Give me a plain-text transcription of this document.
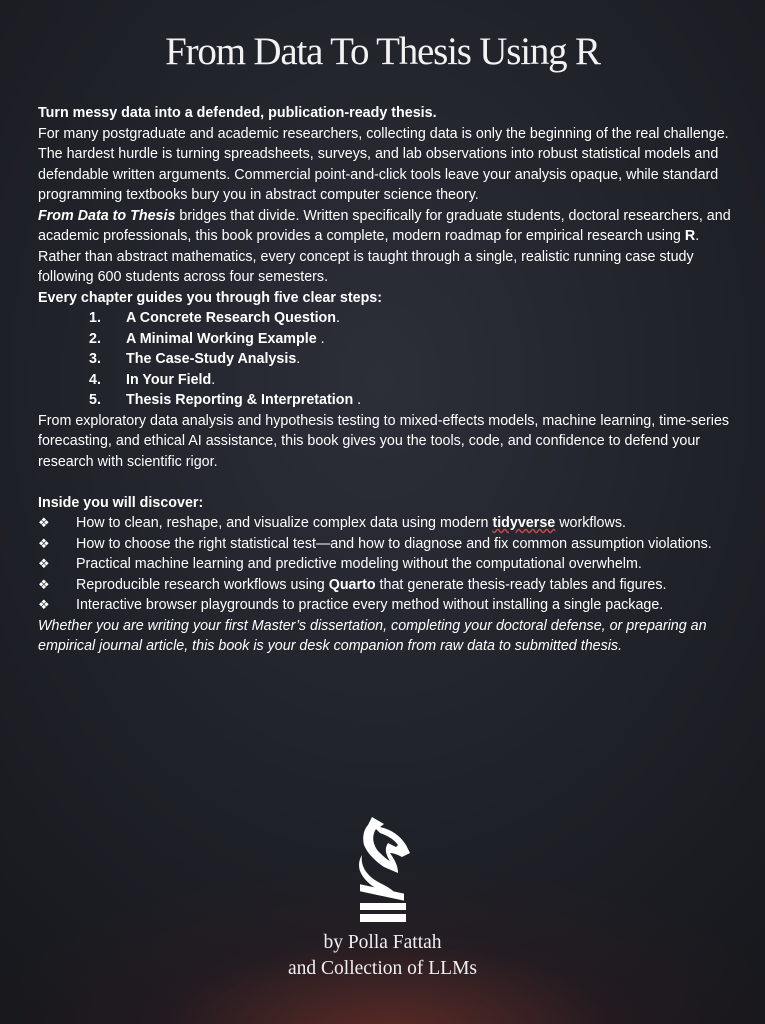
From Data To Thesis Using R

Turn messy data into a defended, publication-ready thesis.

For many postgraduate and academic researchers, collecting data is only the beginning of the real challenge. The hardest hurdle is turning spreadsheets, surveys, and lab observations into robust statistical models and defendable written arguments. Commercial point-and-click tools leave your analysis opaque, while standard programming textbooks bury you in abstract computer science theory.

From Data to Thesis bridges that divide. Written specifically for graduate students, doctoral researchers, and academic professionals, this book provides a complete, modern roadmap for empirical research using R. Rather than abstract mathematics, every concept is taught through a single, realistic running case study following 600 students across four semesters.

Every chapter guides you through five clear steps:

1.	A Concrete Research Question.
2.	A Minimal Working Example .
3.	The Case-Study Analysis.
4.	In Your Field.
5.	Thesis Reporting & Interpretation .

From exploratory data analysis and hypothesis testing to mixed-effects models, machine learning, time-series forecasting, and ethical AI assistance, this book gives you the tools, code, and confidence to defend your research with scientific rigor.

Inside you will discover:

❖	How to clean, reshape, and visualize complex data using modern tidyverse workflows.
❖	How to choose the right statistical test—and how to diagnose and fix common assumption violations.
❖	Practical machine learning and predictive modeling without the computational overwhelm.
❖	Reproducible research workflows using Quarto that generate thesis-ready tables and figures.
❖	Interactive browser playgrounds to practice every method without installing a single package.

Whether you are writing your first Master’s dissertation, completing your doctoral defense, or preparing an empirical journal article, this book is your desk companion from raw data to submitted thesis.

by Polla Fattah
and Collection of LLMs
